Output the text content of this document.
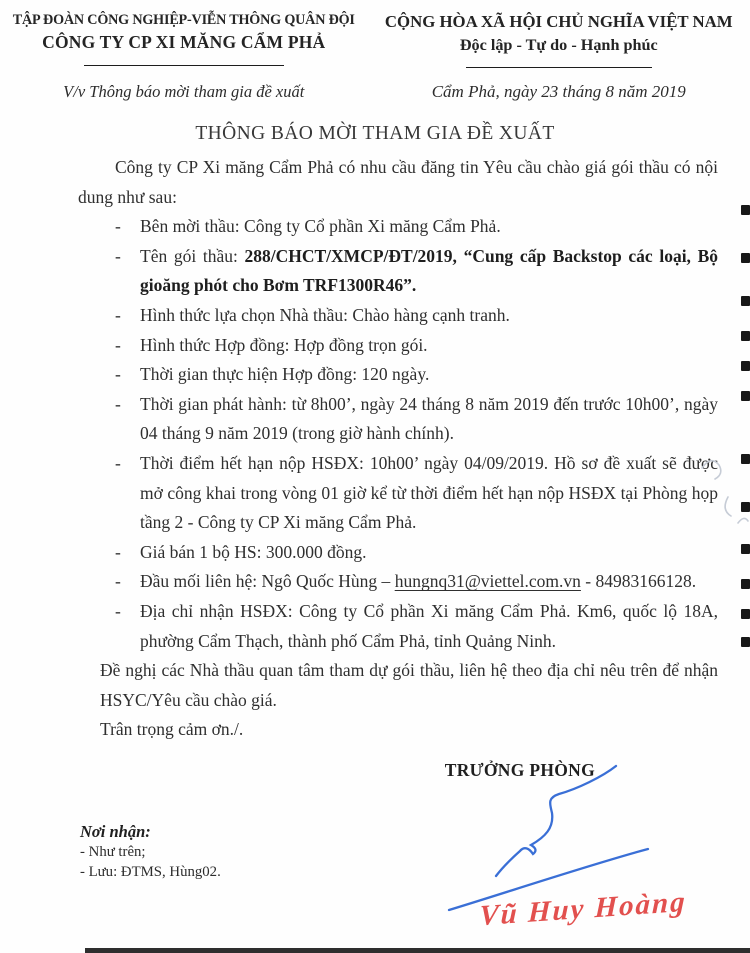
TẬP ĐOÀN CÔNG NGHIỆP-VIỄN THÔNG QUÂN ĐỘI
CÔNG TY CP XI MĂNG CẨM PHẢ
V/v Thông báo mời tham gia đề xuất
CỘNG HÒA XÃ HỘI CHỦ NGHĨA VIỆT NAM
Độc lập - Tự do - Hạnh phúc
Cẩm Phả, ngày 23 tháng 8 năm 2019
THÔNG BÁO MỜI THAM GIA ĐỀ XUẤT

Công ty CP Xi măng Cẩm Phả có nhu cầu đăng tin Yêu cầu chào giá gói thầu có nội dung như sau:

- Bên mời thầu: Công ty Cổ phần Xi măng Cẩm Phả.
- Tên gói thầu: 288/CHCT/XMCP/ĐT/2019, “Cung cấp Backstop các loại, Bộ gioăng phót cho Bơm TRF1300R46”.
- Hình thức lựa chọn Nhà thầu: Chào hàng cạnh tranh.
- Hình thức Hợp đồng: Hợp đồng trọn gói.
- Thời gian thực hiện Hợp đồng: 120 ngày.
- Thời gian phát hành: từ 8h00’, ngày 24 tháng 8 năm 2019 đến trước 10h00’, ngày 04 tháng 9 năm 2019 (trong giờ hành chính).
- Thời điểm hết hạn nộp HSĐX: 10h00’ ngày 04/09/2019. Hồ sơ đề xuất sẽ được mở công khai trong vòng 01 giờ kể từ thời điểm hết hạn nộp HSĐX tại Phòng họp tầng 2 - Công ty CP Xi măng Cẩm Phả.
- Giá bán 1 bộ HS: 300.000 đồng.
- Đầu mối liên hệ: Ngô Quốc Hùng – hungnq31@viettel.com.vn - 84983166128.
- Địa chỉ nhận HSĐX: Công ty Cổ phần Xi măng Cẩm Phả. Km6, quốc lộ 18A, phường Cẩm Thạch, thành phố Cẩm Phả, tỉnh Quảng Ninh.

Đề nghị các Nhà thầu quan tâm tham dự gói thầu, liên hệ theo địa chỉ nêu trên để nhận HSYC/Yêu cầu chào giá.

Trân trọng cảm ơn./.

TRƯỞNG PHÒNG
Nơi nhận:
- Như trên;
- Lưu: ĐTMS, Hùng02.
Vũ Huy Hoàng
